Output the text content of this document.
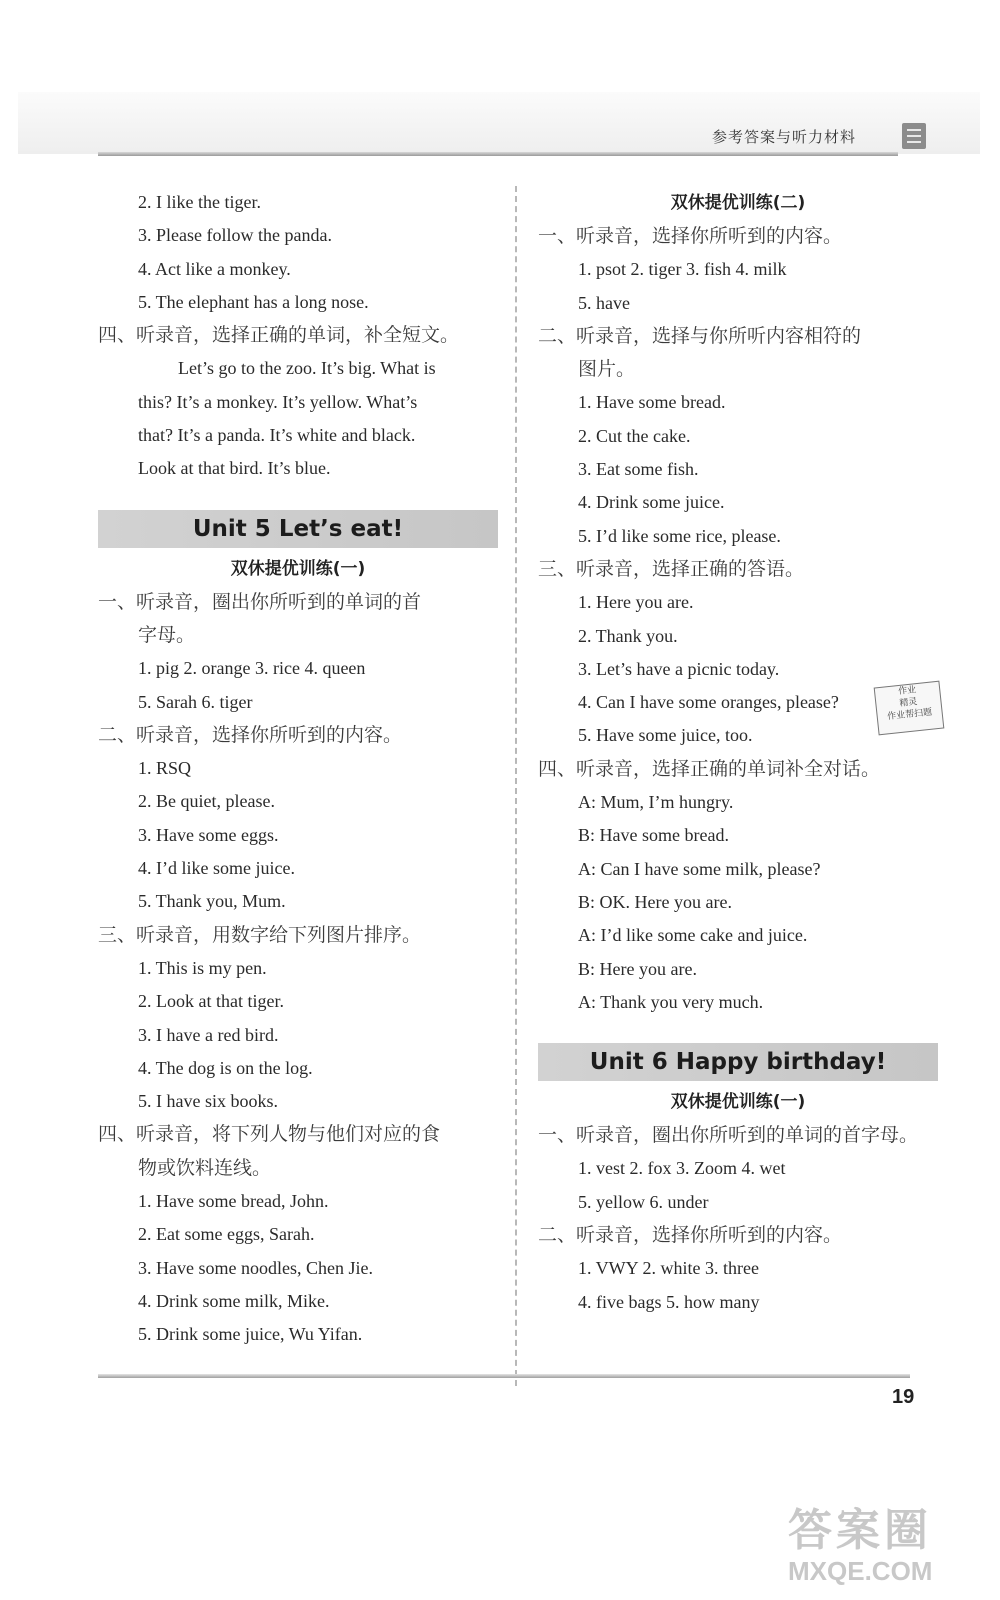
参考答案与听力材料
2. I like the tiger.
3. Please follow the panda.
4. Act like a monkey.
5. The elephant has a long nose.
四、听录音，选择正确的单词，补全短文。
Let’s go to the zoo. It’s big. What is
this? It’s a monkey. It’s yellow. What’s
that? It’s a panda. It’s white and black.
Look at that bird. It’s blue.
Unit 5 Let’s eat!
双休提优训练(一)
一、听录音，圈出你所听到的单词的首
字母。
1. pig 2. orange 3. rice 4. queen
5. Sarah 6. tiger
二、听录音，选择你所听到的内容。
1. RSQ
2. Be quiet, please.
3. Have some eggs.
4. I’d like some juice.
5. Thank you, Mum.
三、听录音，用数字给下列图片排序。
1. This is my pen.
2. Look at that tiger.
3. I have a red bird.
4. The dog is on the log.
5. I have six books.
四、听录音，将下列人物与他们对应的食
物或饮料连线。
1. Have some bread, John.
2. Eat some eggs, Sarah.
3. Have some noodles, Chen Jie.
4. Drink some milk, Mike.
5. Drink some juice, Wu Yifan.
双休提优训练(二)
一、听录音，选择你所听到的内容。
1. psot 2. tiger 3. fish 4. milk
5. have
二、听录音，选择与你所听内容相符的
图片。
1. Have some bread.
2. Cut the cake.
3. Eat some fish.
4. Drink some juice.
5. I’d like some rice, please.
三、听录音，选择正确的答语。
1. Here you are.
2. Thank you.
3. Let’s have a picnic today.
4. Can I have some oranges, please?
5. Have some juice, too.
四、听录音，选择正确的单词补全对话。
A: Mum, I’m hungry.
B: Have some bread.
A: Can I have some milk, please?
B: OK. Here you are.
A: I’d like some cake and juice.
B: Here you are.
A: Thank you very much.
Unit 6 Happy birthday!
双休提优训练(一)
一、听录音，圈出你所听到的单词的首字母。
1. vest 2. fox 3. Zoom 4. wet
5. yellow 6. under
二、听录音，选择你所听到的内容。
1. VWY 2. white 3. three
4. five bags 5. how many
作业
精灵
作业帮扫题
19
答案圈
MXQE.COM
